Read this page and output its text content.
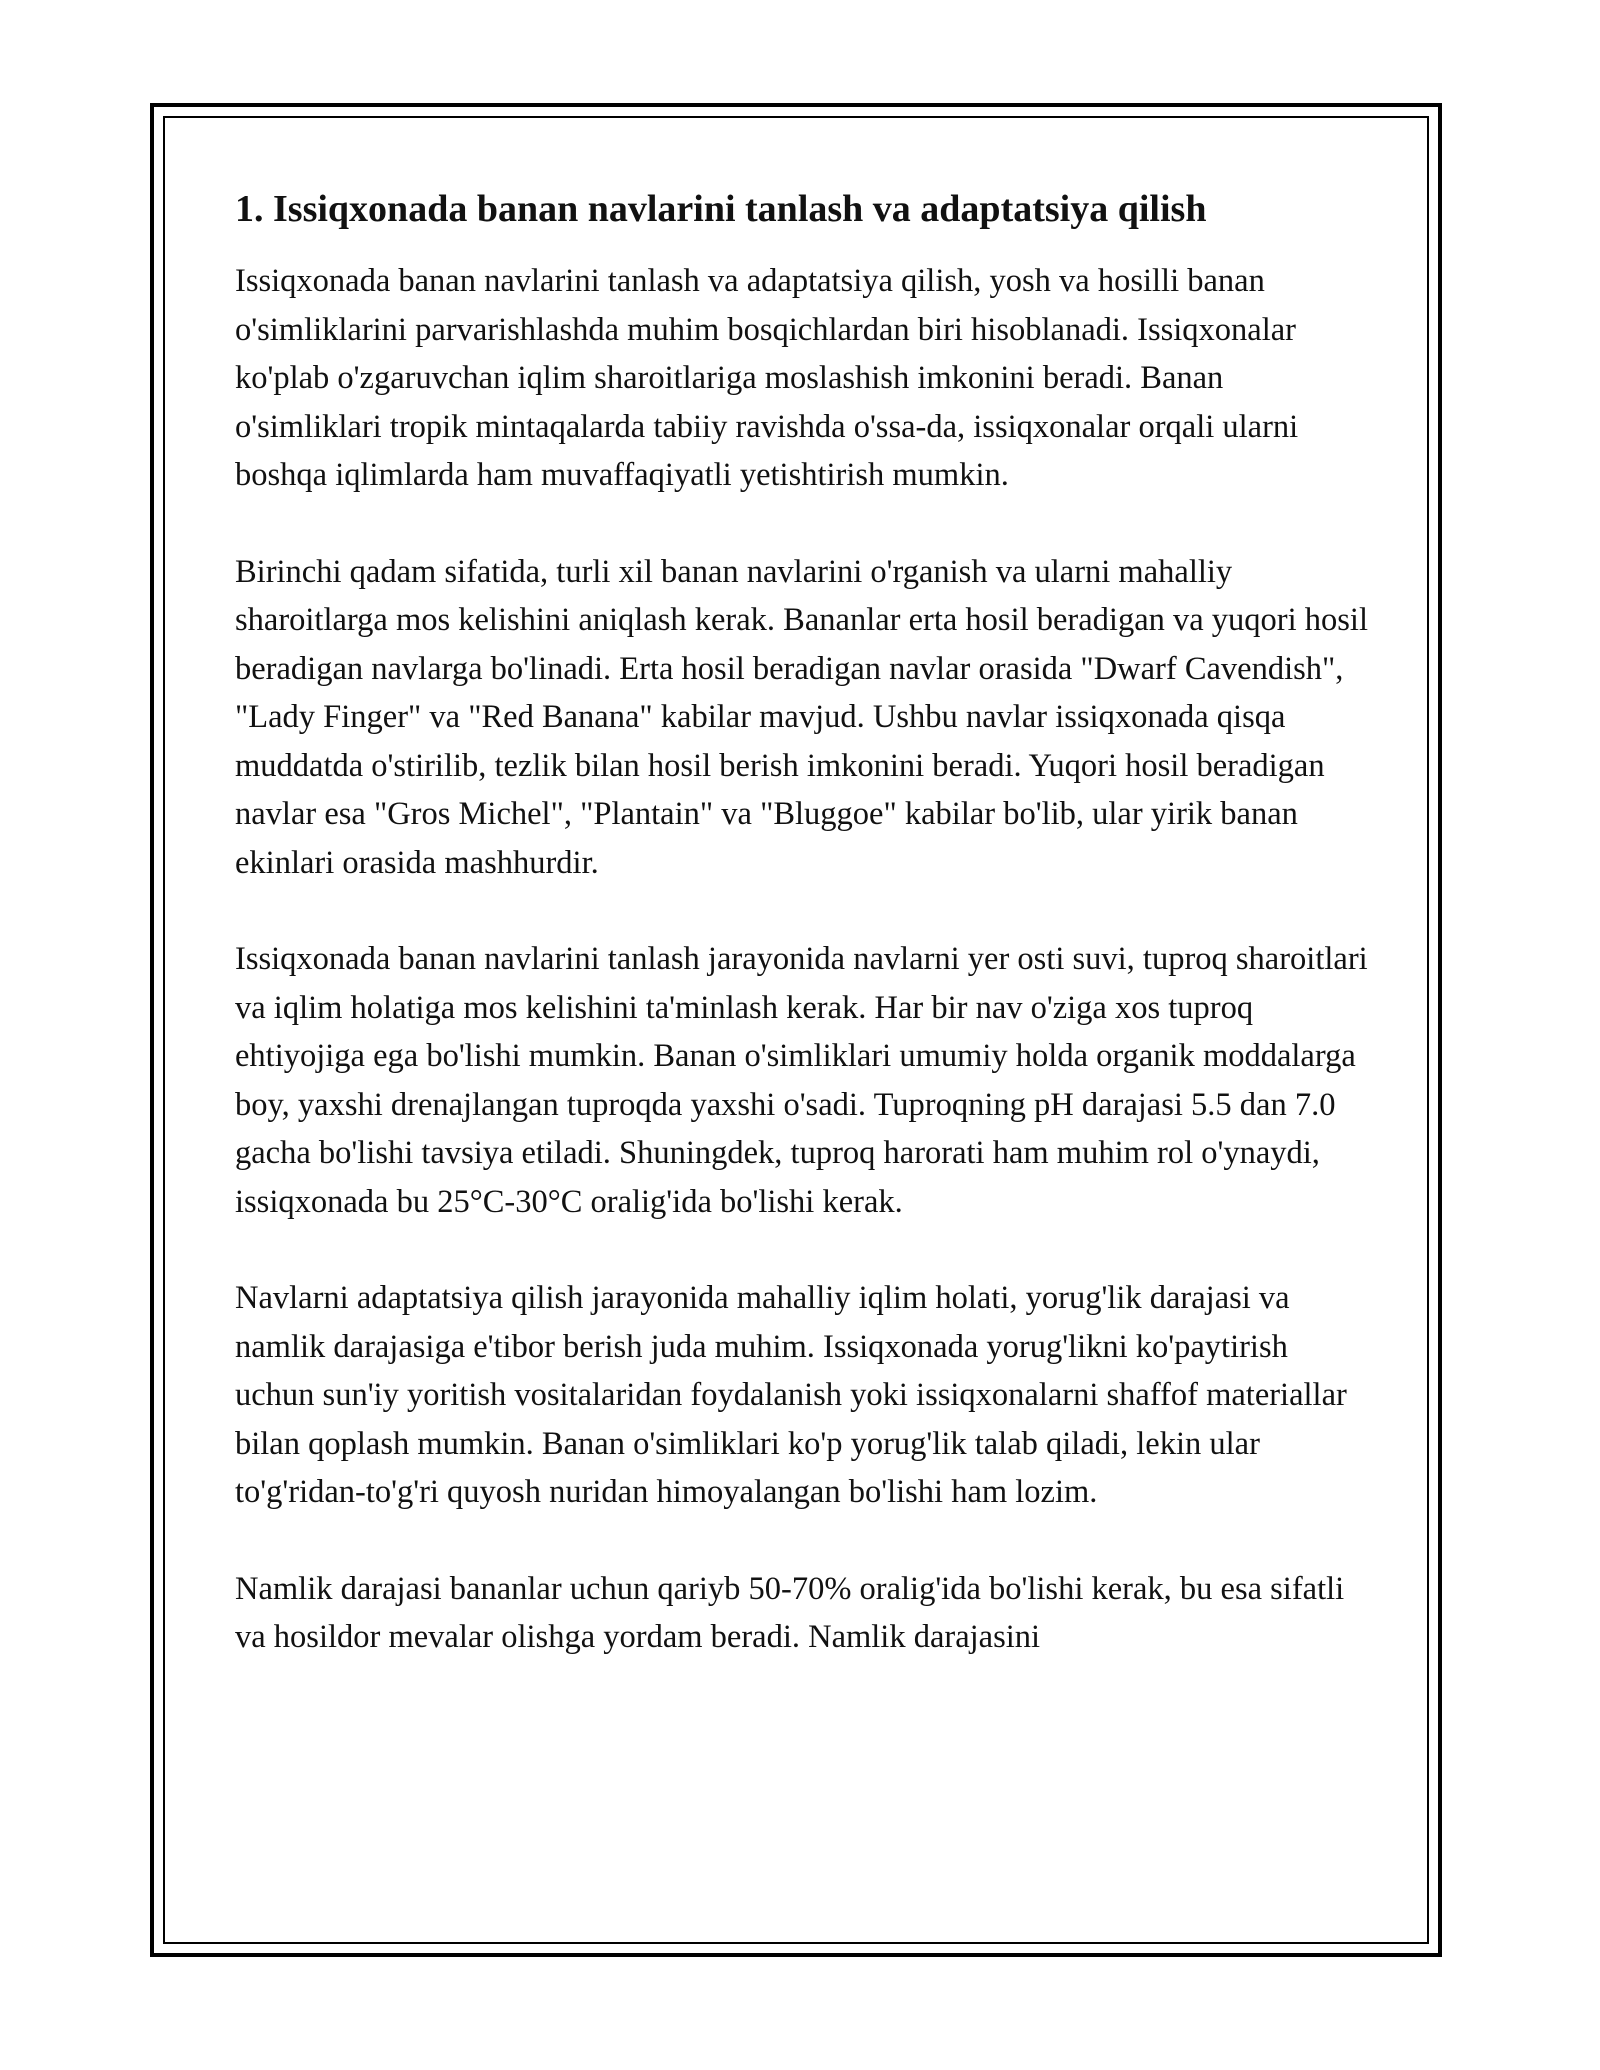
1. Issiqxonada banan navlarini tanlash va adaptatsiya qilish

Issiqxonada banan navlarini tanlash va adaptatsiya qilish, yosh va hosilli banan o'simliklarini parvarishlashda muhim bosqichlardan biri hisoblanadi. Issiqxonalar ko'plab o'zgaruvchan iqlim sharoitlariga moslashish imkonini beradi. Banan o'simliklari tropik mintaqalarda tabiiy ravishda o'ssa-da, issiqxonalar orqali ularni boshqa iqlimlarda ham muvaffaqiyatli yetishtirish mumkin.

Birinchi qadam sifatida, turli xil banan navlarini o'rganish va ularni mahalliy sharoitlarga mos kelishini aniqlash kerak. Bananlar erta hosil beradigan va yuqori hosil beradigan navlarga bo'linadi. Erta hosil beradigan navlar orasida "Dwarf Cavendish", "Lady Finger" va "Red Banana" kabilar mavjud. Ushbu navlar issiqxonada qisqa muddatda o'stirilib, tezlik bilan hosil berish imkonini beradi. Yuqori hosil beradigan navlar esa "Gros Michel", "Plantain" va "Bluggoe" kabilar bo'lib, ular yirik banan ekinlari orasida mashhurdir.

Issiqxonada banan navlarini tanlash jarayonida navlarni yer osti suvi, tuproq sharoitlari va iqlim holatiga mos kelishini ta'minlash kerak. Har bir nav o'ziga xos tuproq ehtiyojiga ega bo'lishi mumkin. Banan o'simliklari umumiy holda organik moddalarga boy, yaxshi drenajlangan tuproqda yaxshi o'sadi. Tuproqning pH darajasi 5.5 dan 7.0 gacha bo'lishi tavsiya etiladi. Shuningdek, tuproq harorati ham muhim rol o'ynaydi, issiqxonada bu 25°C-30°C oralig'ida bo'lishi kerak.

Navlarni adaptatsiya qilish jarayonida mahalliy iqlim holati, yorug'lik darajasi va namlik darajasiga e'tibor berish juda muhim. Issiqxonada yorug'likni ko'paytirish uchun sun'iy yoritish vositalaridan foydalanish yoki issiqxonalarni shaffof materiallar bilan qoplash mumkin. Banan o'simliklari ko'p yorug'lik talab qiladi, lekin ular to'g'ridan-to'g'ri quyosh nuridan himoyalangan bo'lishi ham lozim.

Namlik darajasi bananlar uchun qariyb 50-70% oralig'ida bo'lishi kerak, bu esa sifatli va hosildor mevalar olishga yordam beradi. Namlik darajasini
